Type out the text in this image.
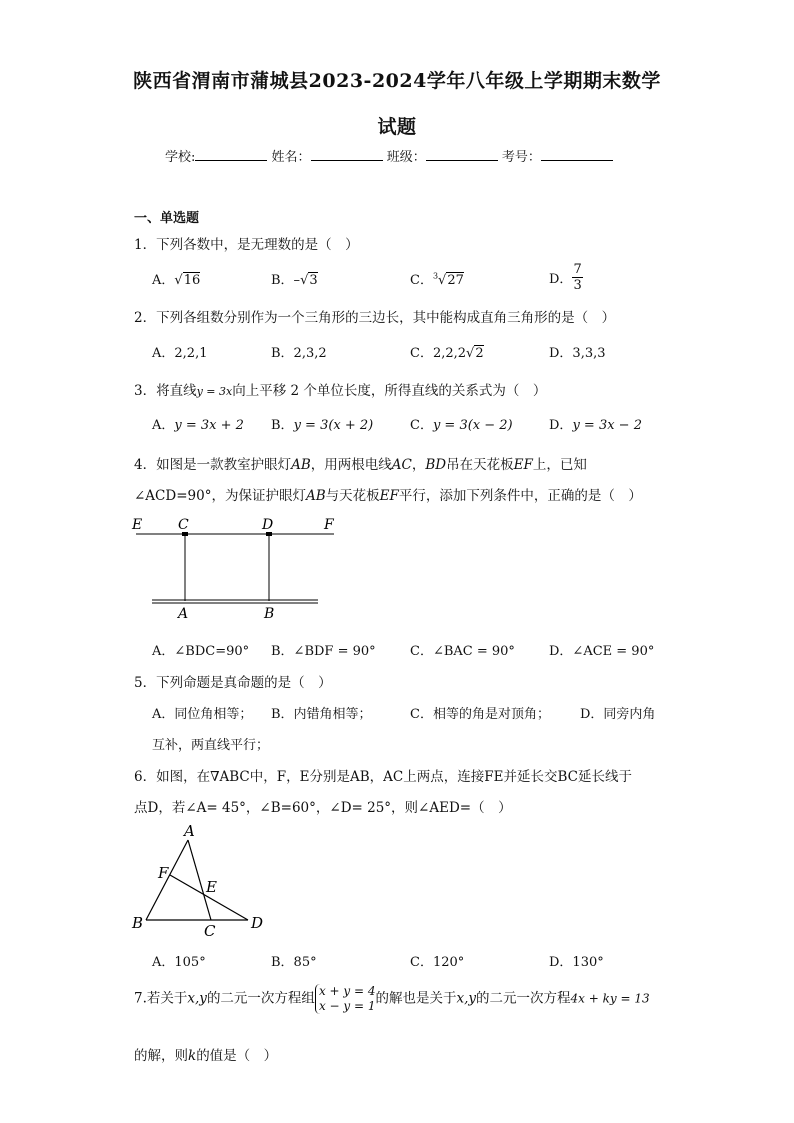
陕西省渭南市蒲城县2023-2024学年八年级上学期期末数学
试题
学校:	姓名：	班级：	考号：
一、单选题
1．下列各数中，是无理数的是（　）
A．√16	B．–√3	C．$^3$√27	D． $\frac{7}{3}$
2．下列各组数分别作为一个三角形的三边长，其中能构成直角三角形的是（　）
A．2,2,1	B．2,3,2	C．2,2,2√2	D．3,3,3
3．将直线y = 3x向上平移 2 个单位长度，所得直线的关系式为（　）
A．y = 3x + 2 B．y = 3(x + 2)	C．y = 3(x − 2)	D．y = 3x − 2
4．如图是一款教室护眼灯AB，用两根电线AC，BD吊在天花板EF上，已知
∠ACD=90°，为保证护眼灯AB与天花板EF平行，添加下列条件中，正确的是（　）
E	C	D	F
A	B
A．∠BDC=90° B．∠BDF = 90°	C．∠BAC = 90°	D．∠ACE = 90°
5．下列命题是真命题的是（　）
A．同位角相等； B．内错角相等；	C．相等的角是对顶角； D．同旁内角
互补，两直线平行；
6．如图，在∇ABC中，F，E分别是AB，AC上两点，连接FE并延长交BC延长线于
点D，若∠A= 45°，∠B=60°，∠D= 25°，则∠AED=（　）
A
F
E
B	C D
A．105°	B．85°	C．120°	D．130°
7.若关于x,y的二元一次方程组 x + y = 4
x − y = 1 的解也是关于x,y的二元一次方程4x + ky = 13
的解，则k的值是（　）
